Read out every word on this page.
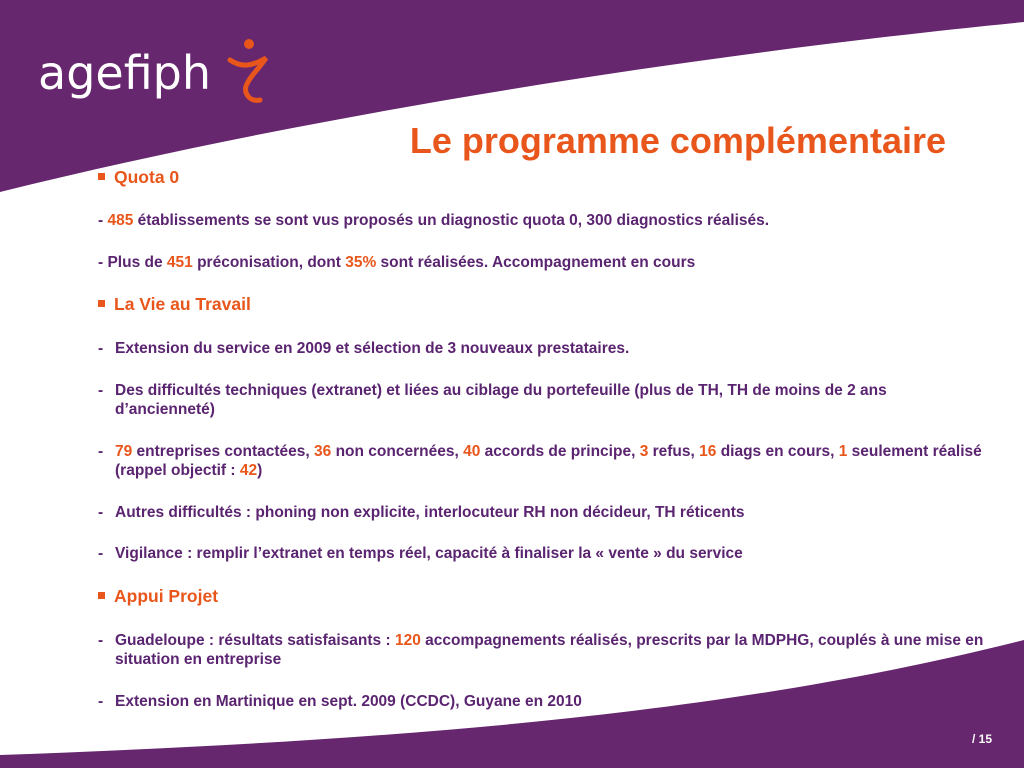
agefiph
Le programme complémentaire
Quota 0
- 485 établissements se sont vus proposés un diagnostic quota 0, 300 diagnostics réalisés.
- Plus de 451 préconisation, dont 35% sont réalisées. Accompagnement en cours
La Vie au Travail
- Extension du service en 2009 et sélection de 3 nouveaux prestataires.
- Des difficultés techniques (extranet) et liées au ciblage du portefeuille (plus de TH, TH de moins de 2 ans d’ancienneté)
- 79 entreprises contactées, 36 non concernées, 40 accords de principe, 3 refus, 16 diags en cours, 1 seulement réalisé (rappel objectif : 42)
- Autres difficultés : phoning non explicite, interlocuteur RH non décideur, TH réticents
- Vigilance : remplir l’extranet en temps réel, capacité à finaliser la « vente » du service
Appui Projet
- Guadeloupe : résultats satisfaisants : 120 accompagnements réalisés, prescrits par la MDPHG, couplés à une mise en situation en entreprise
- Extension en Martinique en sept. 2009 (CCDC), Guyane en 2010
/ 15
